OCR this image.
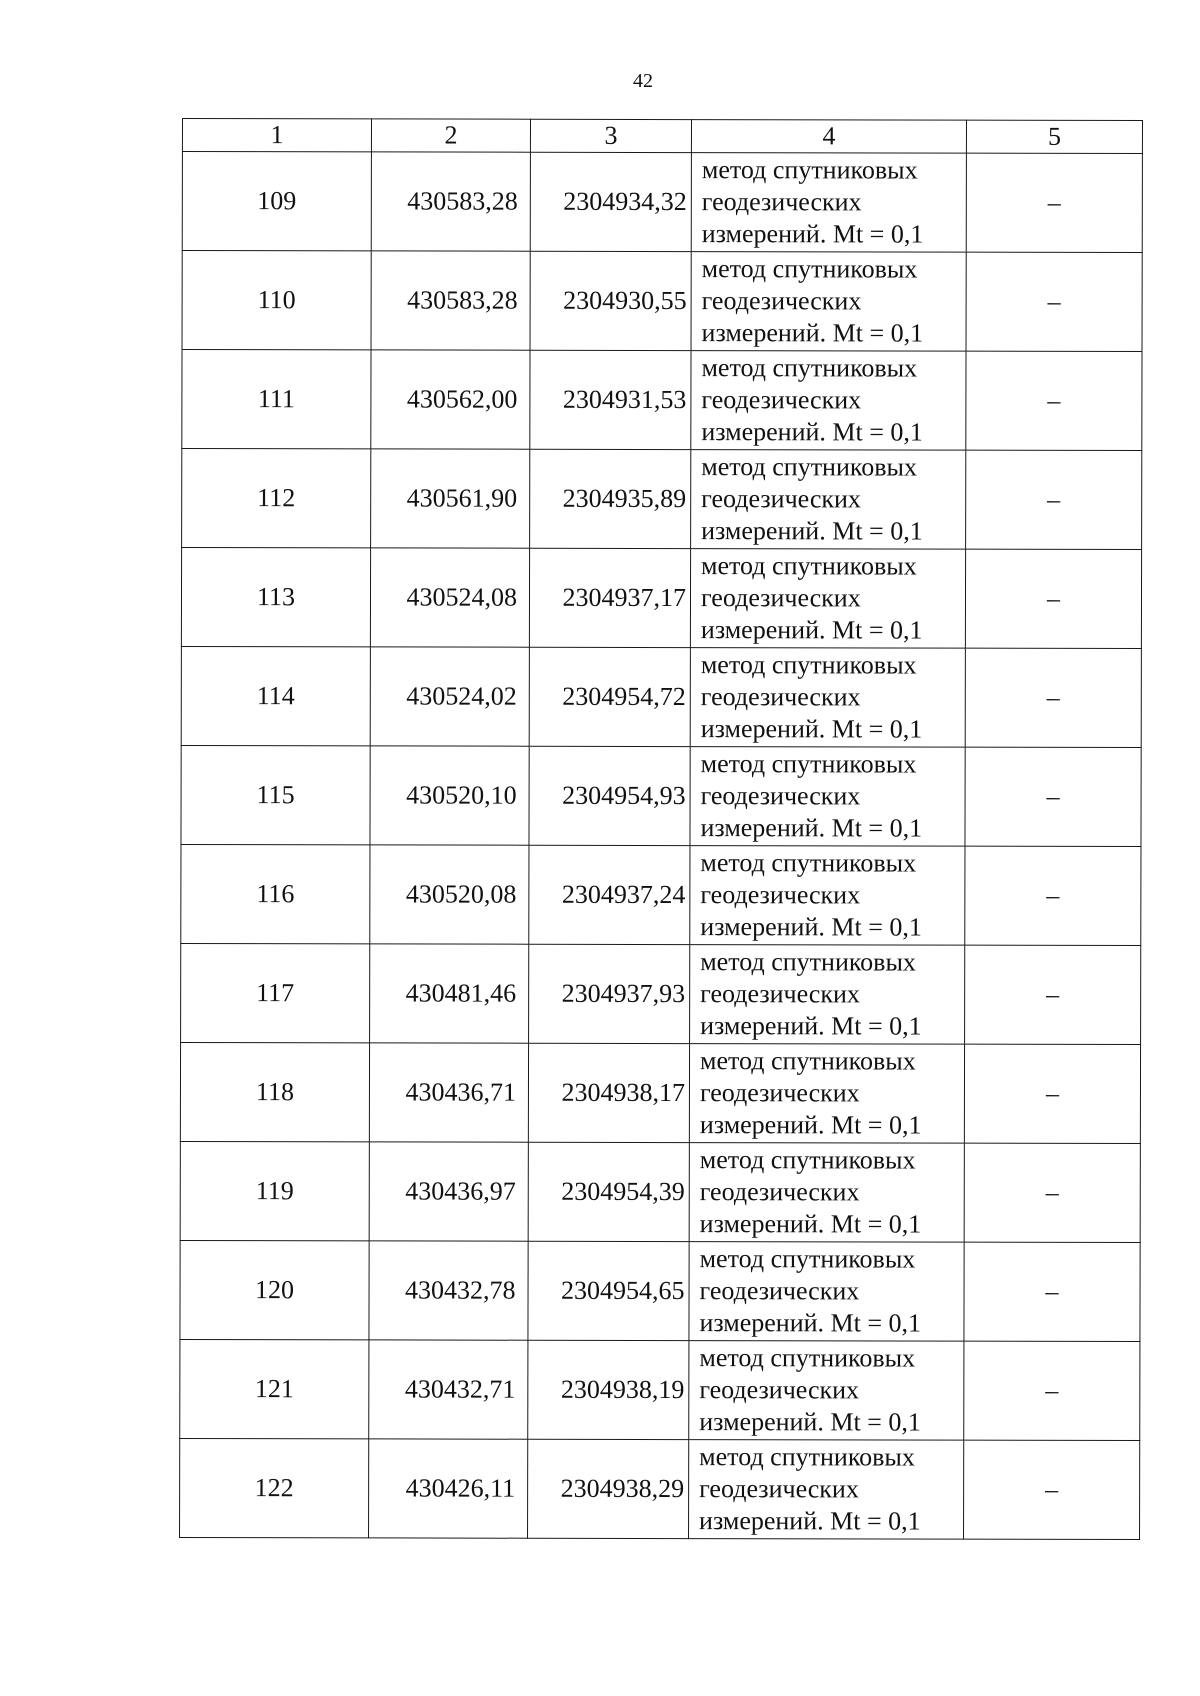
42
1	2	3	4	5
109	430583,28	2304934,32	метод спутниковых
геодезических
измерений. Mt = 0,1	–
110	430583,28	2304930,55	метод спутниковых
геодезических
измерений. Mt = 0,1	–
111	430562,00	2304931,53	метод спутниковых
геодезических
измерений. Mt = 0,1	–
112	430561,90	2304935,89	метод спутниковых
геодезических
измерений. Mt = 0,1	–
113	430524,08	2304937,17	метод спутниковых
геодезических
измерений. Mt = 0,1	–
114	430524,02	2304954,72	метод спутниковых
геодезических
измерений. Mt = 0,1	–
115	430520,10	2304954,93	метод спутниковых
геодезических
измерений. Mt = 0,1	–
116	430520,08	2304937,24	метод спутниковых
геодезических
измерений. Mt = 0,1	–
117	430481,46	2304937,93	метод спутниковых
геодезических
измерений. Mt = 0,1	–
118	430436,71	2304938,17	метод спутниковых
геодезических
измерений. Mt = 0,1	–
119	430436,97	2304954,39	метод спутниковых
геодезических
измерений. Mt = 0,1	–
120	430432,78	2304954,65	метод спутниковых
геодезических
измерений. Mt = 0,1	–
121	430432,71	2304938,19	метод спутниковых
геодезических
измерений. Mt = 0,1	–
122	430426,11	2304938,29	метод спутниковых
геодезических
измерений. Mt = 0,1	–
